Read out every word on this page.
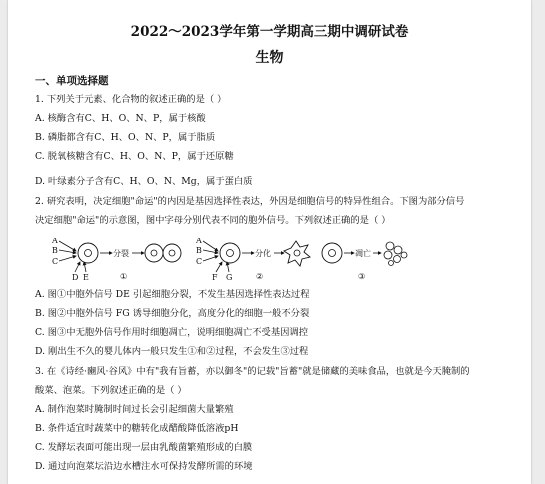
2022～2023学年第一学期高三期中调研试卷
生物
一、单项选择题
1. 下列关于元素、化合物的叙述正确的是（ ）
A. 核酶含有C、H、O、N、P，属于核酸
B. 磷脂都含有C、H、O、N、P，属于脂质
C. 脱氧核糖含有C、H、O、N、P，属于还原糖
D. 叶绿素分子含有C、H、O、N、Mg，属于蛋白质
2. 研究表明，决定细胞"命运"的内因是基因选择性表达，外因是细胞信号的特异性组合。下图为部分信号
决定细胞"命运"的示意图，图中字母分别代表不同的胞外信号。下列叙述正确的是（ ）
A
B
C
D E
分裂
①
A
B
C
F G
分化
②
凋亡
③
A. 图①中胞外信号 DE 引起细胞分裂，不发生基因选择性表达过程
B. 图②中胞外信号 FG 诱导细胞分化，高度分化的细胞一般不分裂
C. 图③中无胞外信号作用时细胞凋亡，说明细胞凋亡不受基因调控
D. 刚出生不久的婴儿体内一般只发生①和②过程，不会发生③过程
3. 在《诗经·豳风·谷风》中有"我有旨蓄，亦以御冬"的记载"旨蓄"就是储藏的美味食品，也就是今天腌制的
酸菜、泡菜。下列叙述正确的是（ ）
A. 制作泡菜时腌制时间过长会引起细菌大量繁殖
B. 条件适宜时蔬菜中的糖转化成醋酸降低溶液pH
C. 发酵坛表面可能出现一层由乳酸菌繁殖形成的白膜
D. 通过向泡菜坛沿边水槽注水可保持发酵所需的环境
